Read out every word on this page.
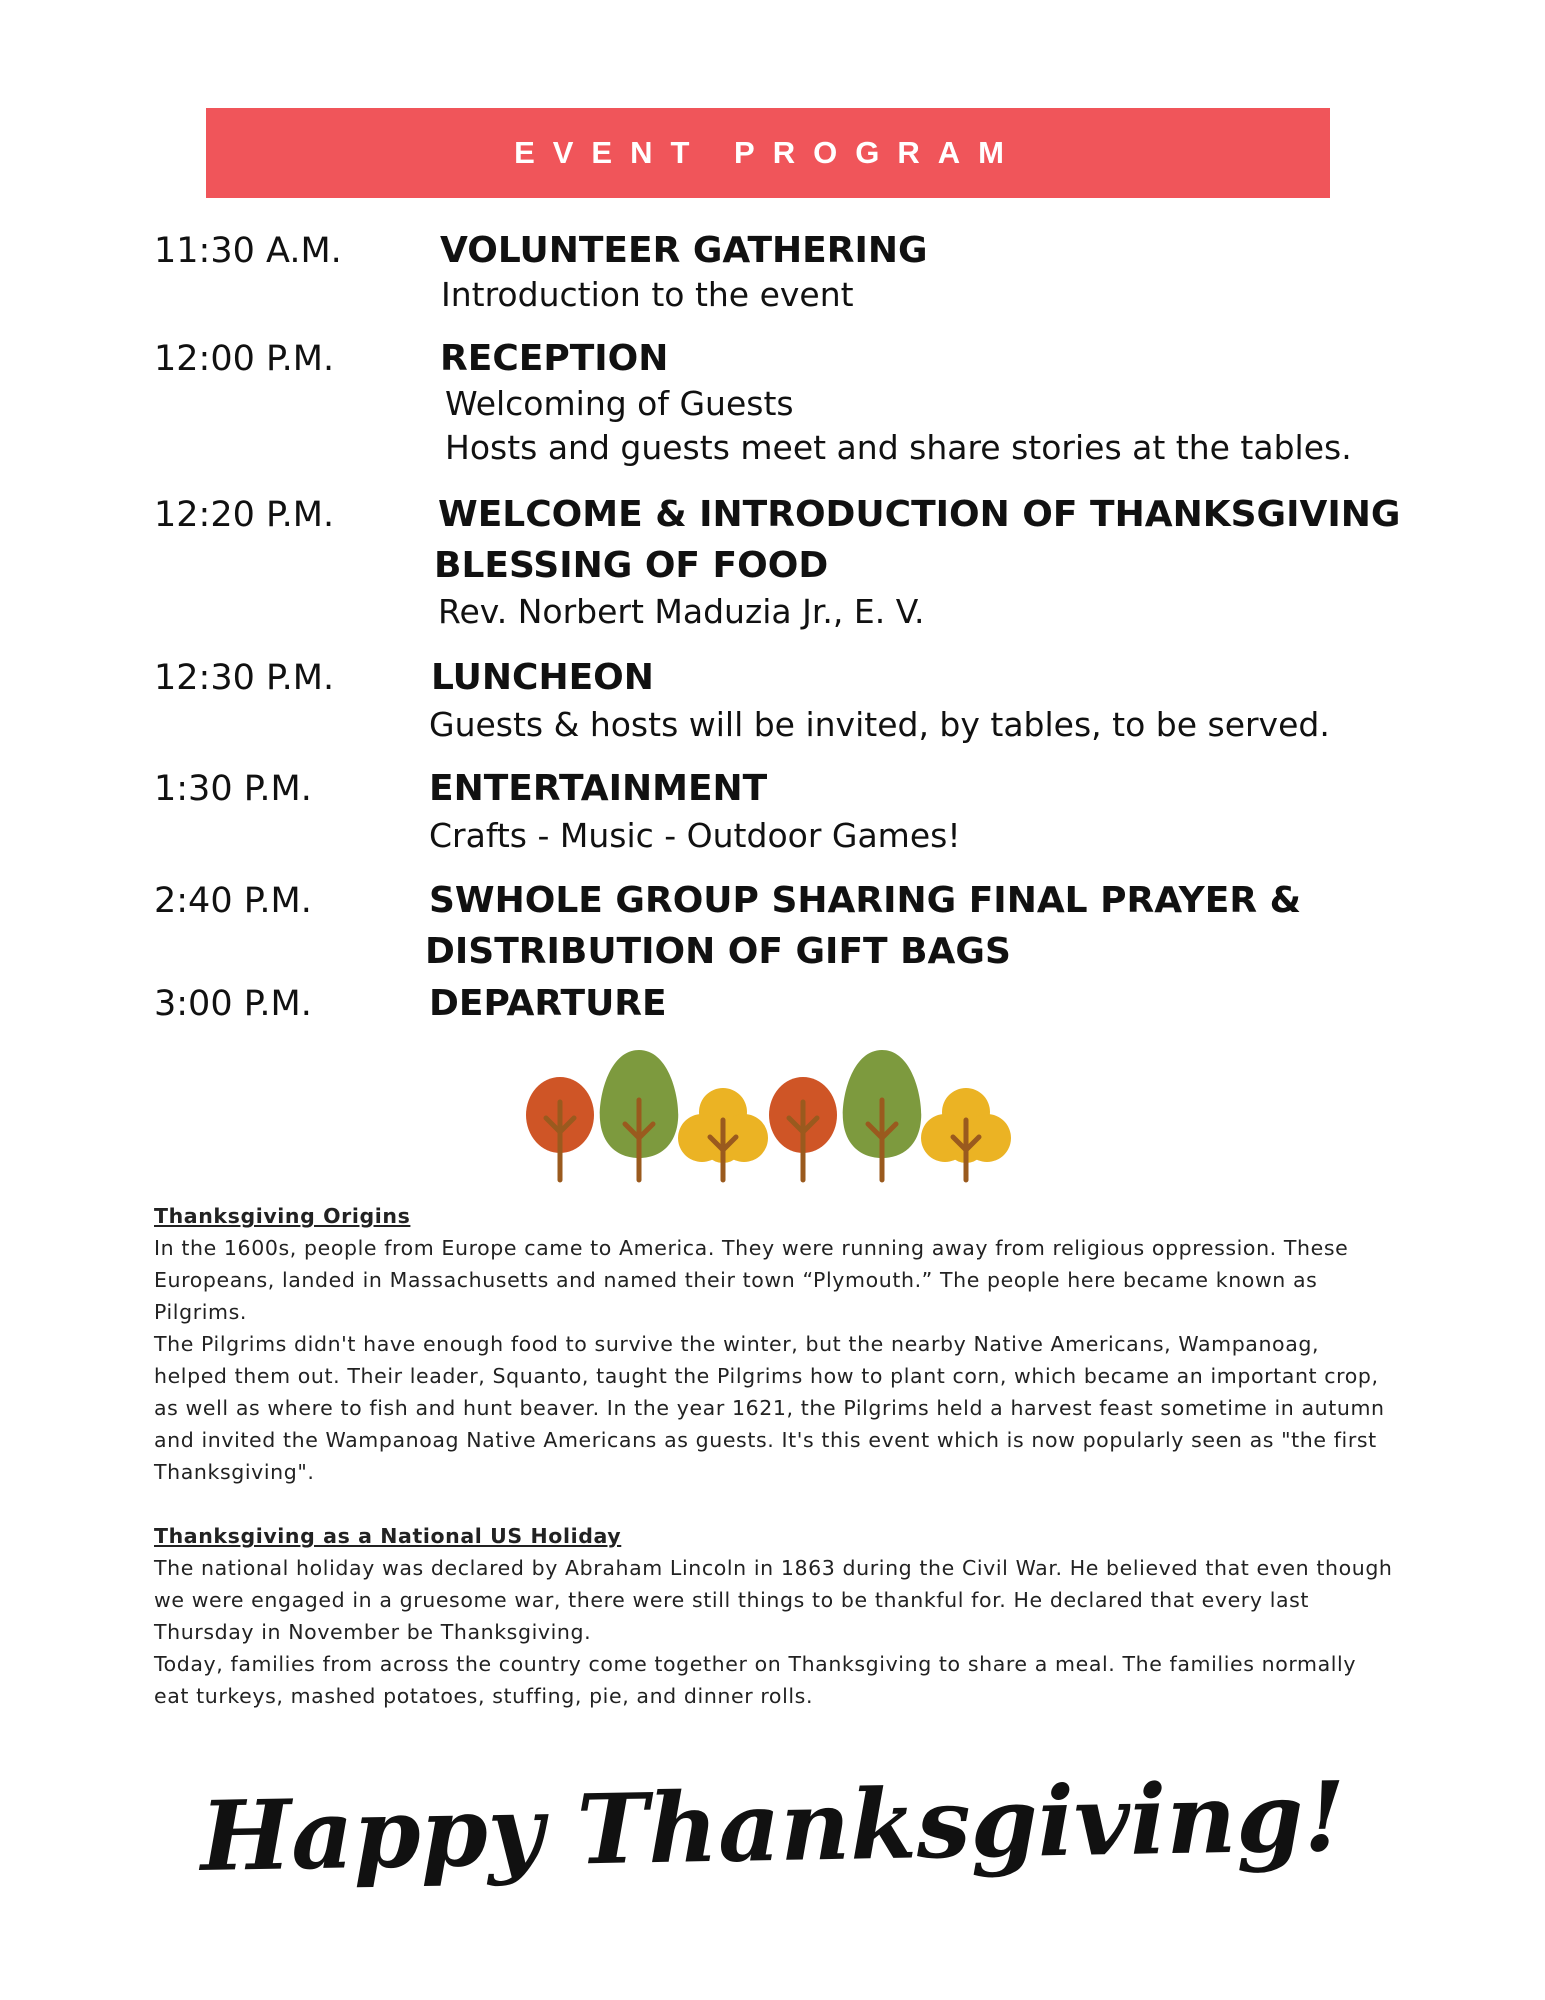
EVENT PROGRAM
11:30 A.M.	VOLUNTEER GATHERING
Introduction to the event
12:00 P.M.	RECEPTION
Welcoming of Guests
Hosts and guests meet and share stories at the tables.
12:20 P.M.	WELCOME & INTRODUCTION OF THANKSGIVING
BLESSING OF FOOD
Rev. Norbert Maduzia Jr., E. V.
12:30 P.M.	LUNCHEON
Guests & hosts will be invited, by tables, to be served.
1:30 P.M.	ENTERTAINMENT
Crafts - Music - Outdoor Games!
2:40 P.M.	SWHOLE GROUP SHARING FINAL PRAYER &
DISTRIBUTION OF GIFT BAGS
3:00 P.M.	DEPARTURE
Thanksgiving Origins

In the 1600s, people from Europe came to America. They were running away from religious oppression. These Europeans, landed in Massachusetts and named their town “Plymouth.” The people here became known as Pilgrims.

The Pilgrims didn't have enough food to survive the winter, but the nearby Native Americans, Wampanoag, helped them out. Their leader, Squanto, taught the Pilgrims how to plant corn, which became an important crop, as well as where to fish and hunt beaver. In the year 1621, the Pilgrims held a harvest feast sometime in autumn and invited the Wampanoag Native Americans as guests. It's this event which is now popularly seen as "the first Thanksgiving".

Thanksgiving as a National US Holiday

The national holiday was declared by Abraham Lincoln in 1863 during the Civil War. He believed that even though we were engaged in a gruesome war, there were still things to be thankful for. He declared that every last Thursday in November be Thanksgiving.

Today, families from across the country come together on Thanksgiving to share a meal. The families normally eat turkeys, mashed potatoes, stuffing, pie, and dinner rolls.

Happy Thanksgiving!
